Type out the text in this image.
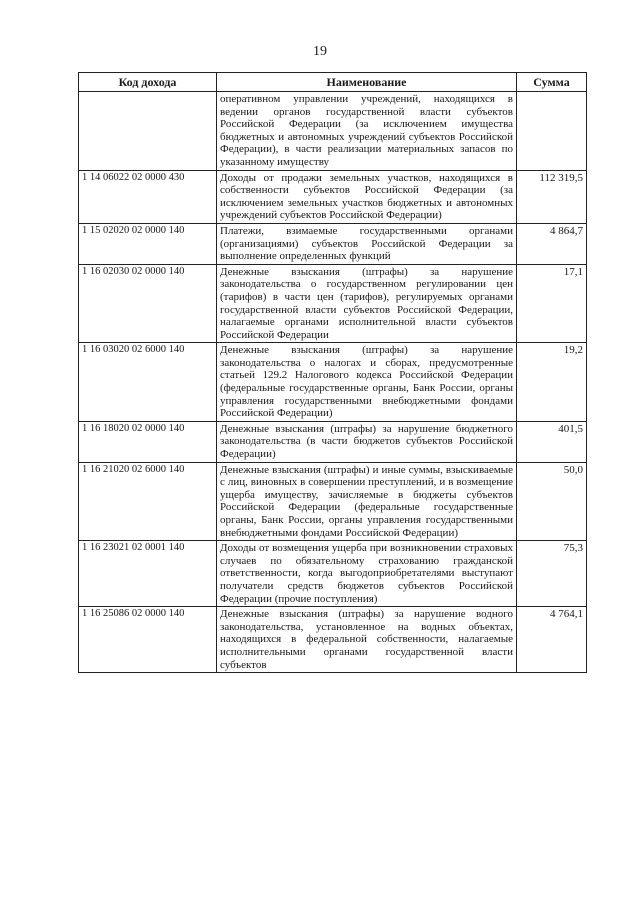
19
Код дохода	Наименование	Сумма
	оперативном управлении учреждений, находящихся в ведении органов государственной власти субъектов Российской Федерации (за исключением имущества бюджетных и автономных учреждений субъектов Российской Федерации), в части реализации материальных запасов по указанному имуществу	
1 14 06022 02 0000 430	Доходы от продажи земельных участков, находящихся в собственности субъектов Российской Федерации (за исключением земельных участков бюджетных и автономных учреждений субъектов Российской Федерации)	112 319,5
1 15 02020 02 0000 140	Платежи, взимаемые государственными органами (организациями) субъектов Российской Федерации за выполнение определенных функций	4 864,7
1 16 02030 02 0000 140	Денежные взыскания (штрафы) за нарушение законодательства о государственном регулировании цен (тарифов) в части цен (тарифов), регулируемых органами государственной власти субъектов Российской Федерации, налагаемые органами исполнительной власти субъектов Российской Федерации	17,1
1 16 03020 02 6000 140	Денежные взыскания (штрафы) за нарушение законодательства о налогах и сборах, предусмотренные статьей 129.2 Налогового кодекса Российской Федерации (федеральные государственные органы, Банк России, органы управления государственными внебюджетными фондами Российской Федерации)	19,2
1 16 18020 02 0000 140	Денежные взыскания (штрафы) за нарушение бюджетного законодательства (в части бюджетов субъектов Российской Федерации)	401,5
1 16 21020 02 6000 140	Денежные взыскания (штрафы) и иные суммы, взыскиваемые с лиц, виновных в совершении преступлений, и в возмещение ущерба имуществу, зачисляемые в бюджеты субъектов Российской Федерации (федеральные государственные органы, Банк России, органы управления государственными внебюджетными фондами Российской Федерации)	50,0
1 16 23021 02 0001 140	Доходы от возмещения ущерба при возникновении страховых случаев по обязательному страхованию гражданской ответственности, когда выгодоприобретателями выступают получатели средств бюджетов субъектов Российской Федерации (прочие поступления)	75,3
1 16 25086 02 0000 140	Денежные взыскания (штрафы) за нарушение водного законодательства, установленное на водных объектах, находящихся в федеральной собственности, налагаемые исполнительными органами государственной власти субъектов	4 764,1
